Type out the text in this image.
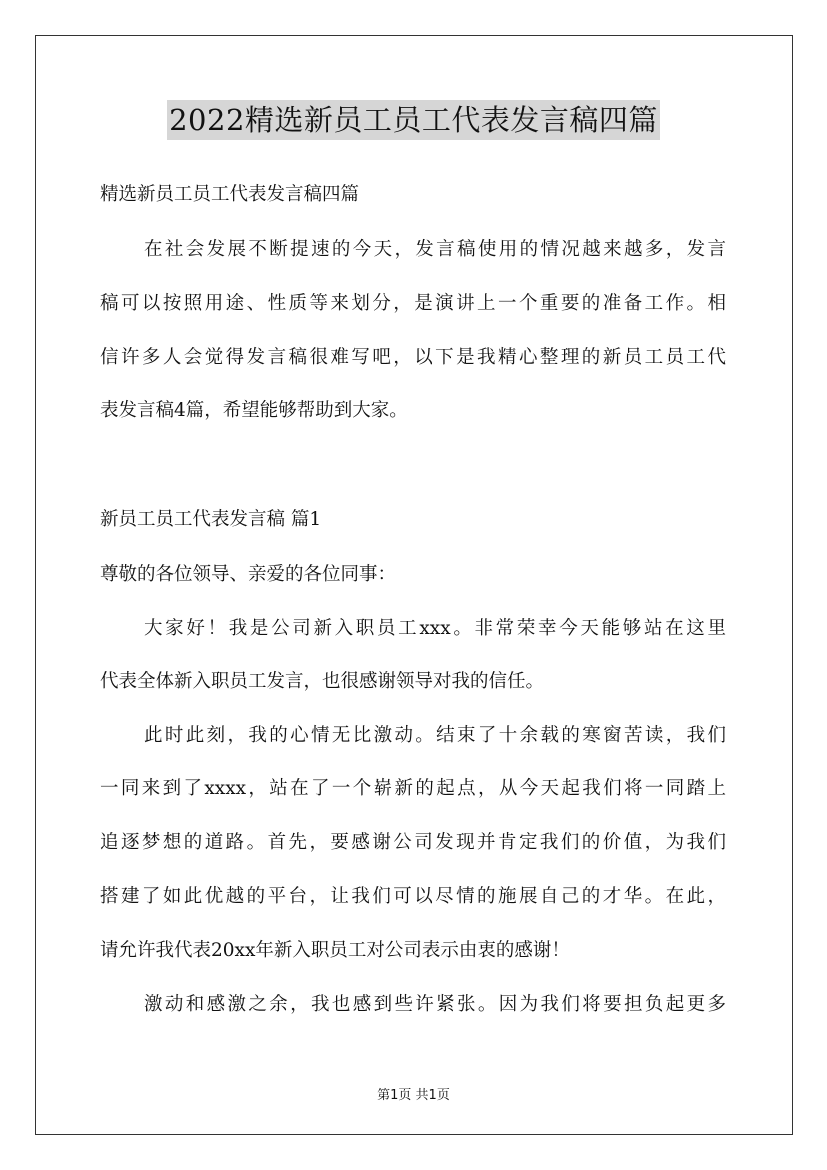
2022精选新员工员工代表发言稿四篇
精选新员工员工代表发言稿四篇
在社会发展不断提速的今天，发言稿使用的情况越来越多，发言
稿可以按照用途、性质等来划分，是演讲上一个重要的准备工作。相
信许多人会觉得发言稿很难写吧，以下是我精心整理的新员工员工代
表发言稿4篇，希望能够帮助到大家。
新员工员工代表发言稿 篇1
尊敬的各位领导、亲爱的各位同事：
大家好！我是公司新入职员工xxx。非常荣幸今天能够站在这里
代表全体新入职员工发言，也很感谢领导对我的信任。
此时此刻，我的心情无比激动。结束了十余载的寒窗苦读，我们
一同来到了xxxx，站在了一个崭新的起点，从今天起我们将一同踏上
追逐梦想的道路。首先，要感谢公司发现并肯定我们的价值，为我们
搭建了如此优越的平台，让我们可以尽情的施展自己的才华。在此，
请允许我代表20xx年新入职员工对公司表示由衷的感谢！
激动和感激之余，我也感到些许紧张。因为我们将要担负起更多
第1页 共1页
